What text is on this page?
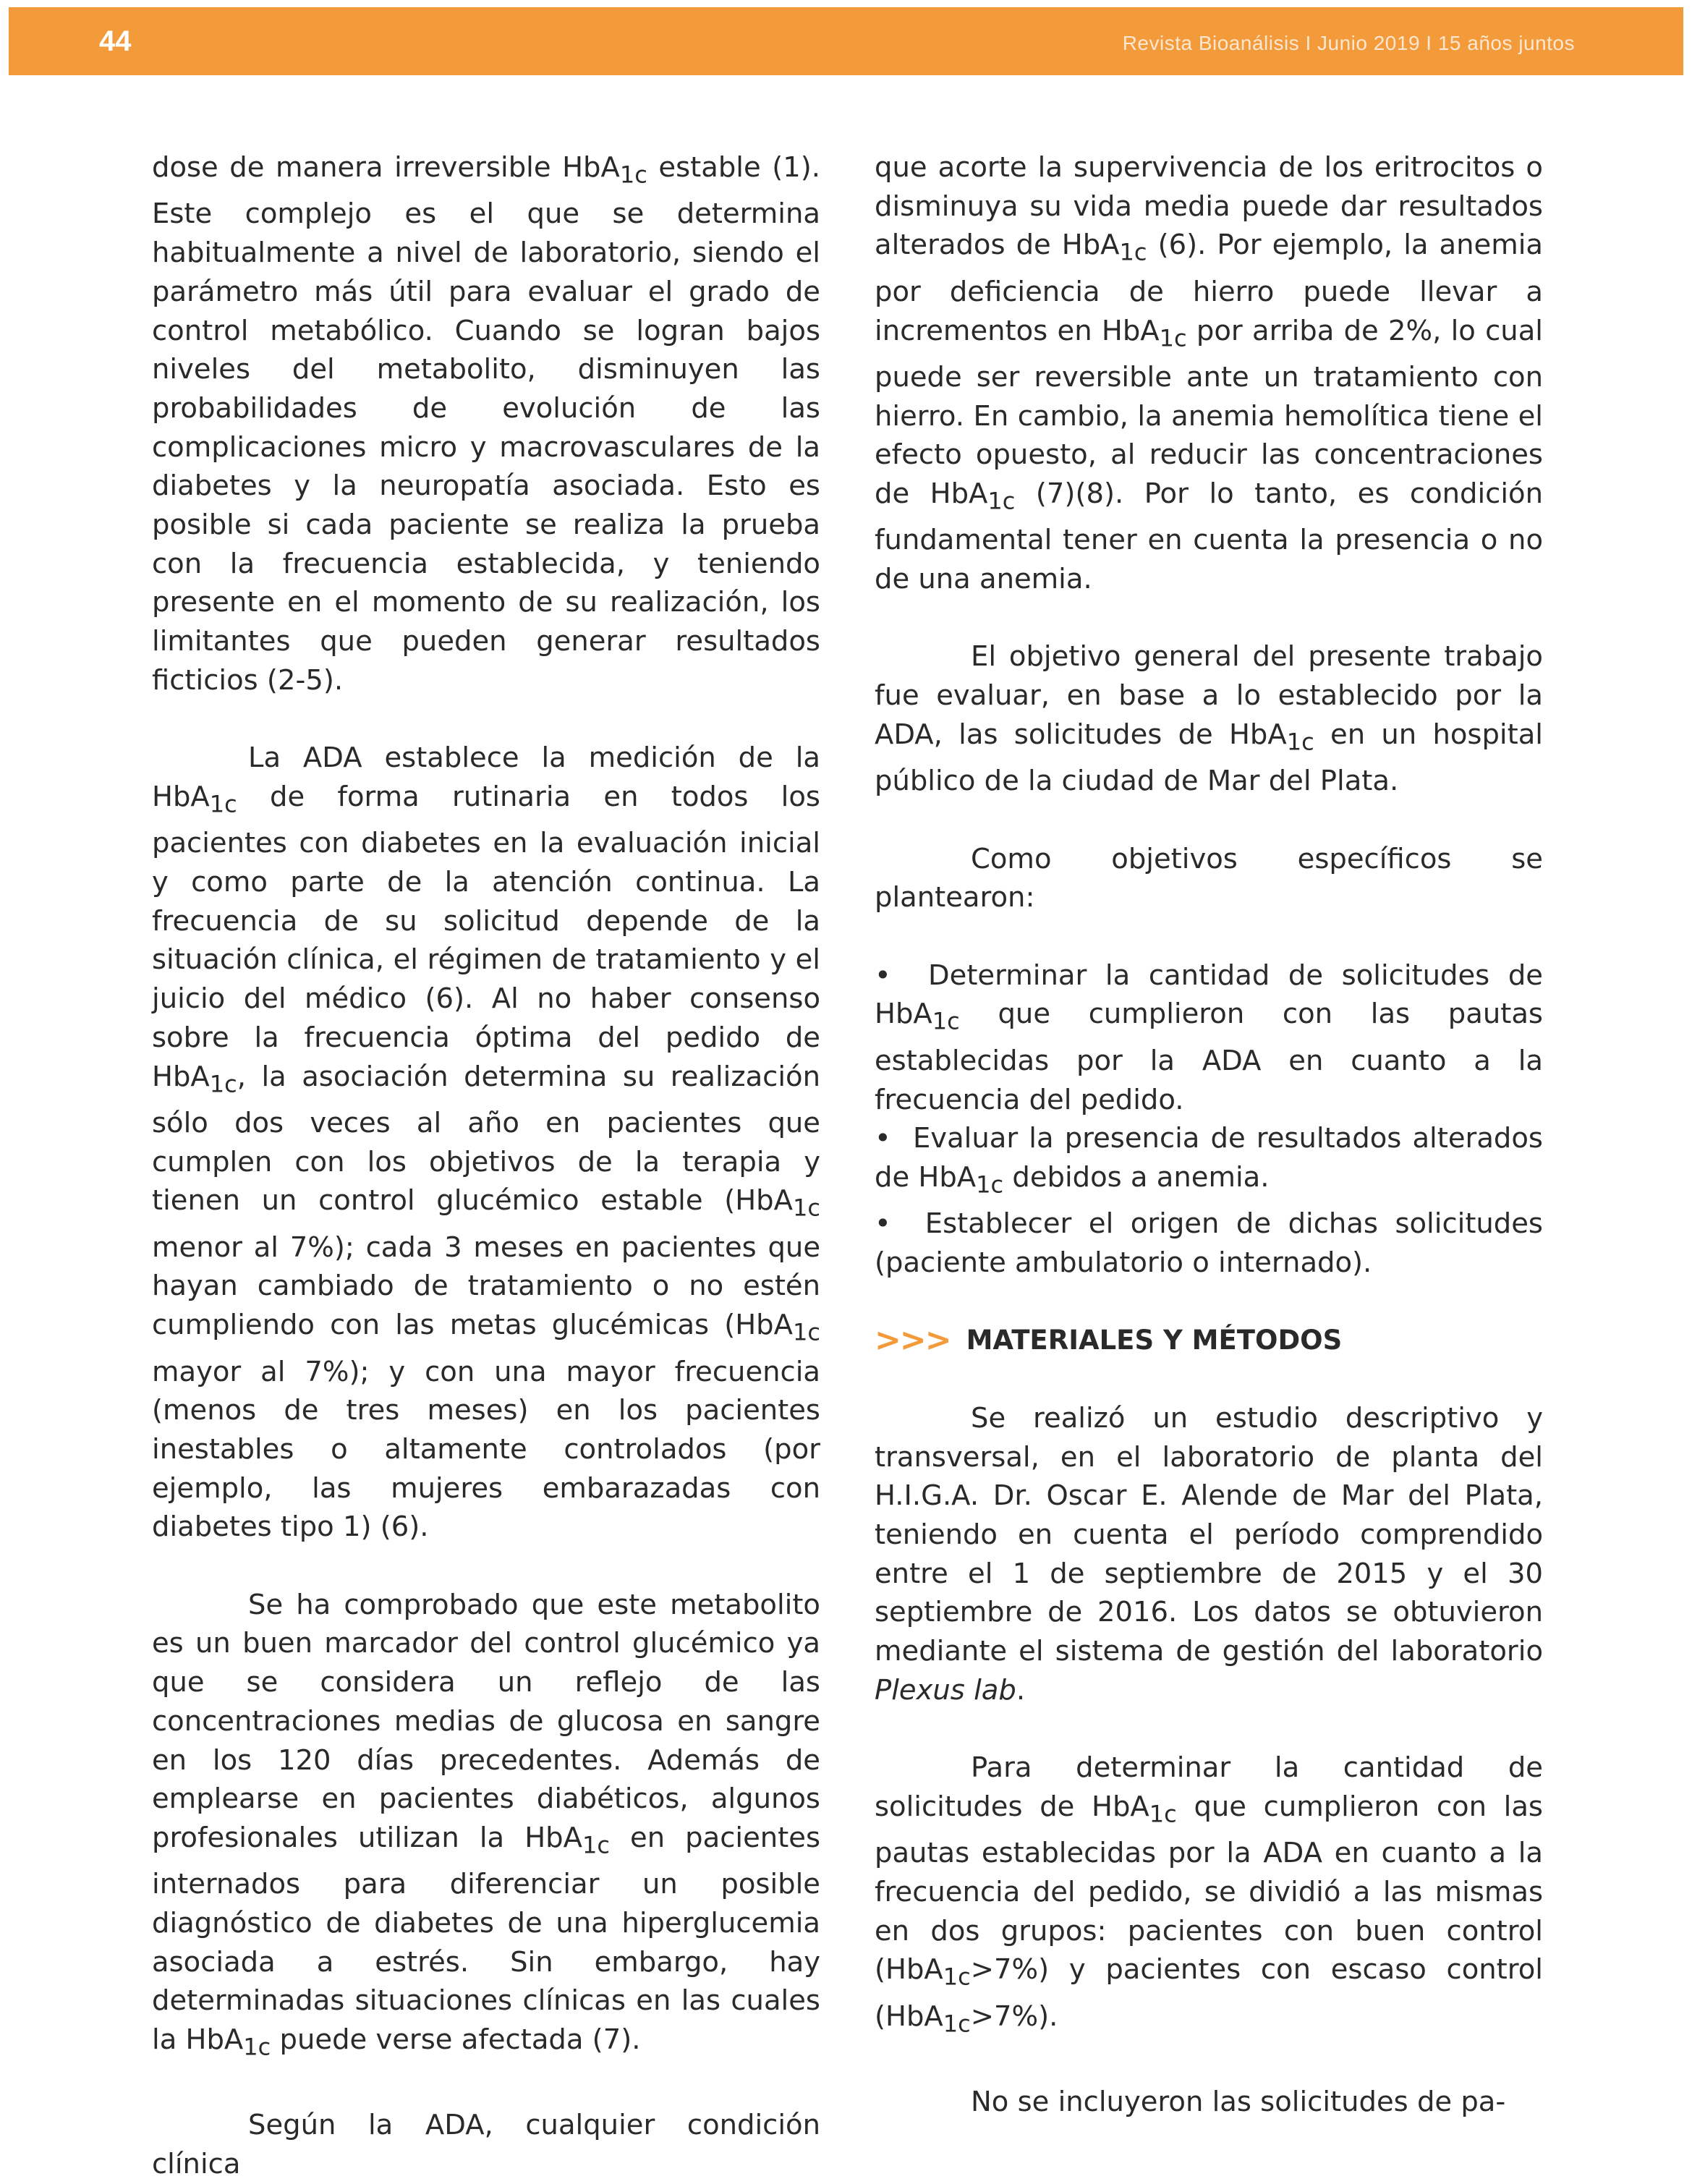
44	Revista Bioanálisis I Junio 2019 I 15 años juntos

dose de manera irreversible HbA$_{1c}$ estable (1). Este complejo es el que se determina habitualmente a nivel de laboratorio, siendo el parámetro más útil para evaluar el grado de control metabólico. Cuando se logran bajos niveles del metabolito, disminuyen las probabilidades de evolución de las complicaciones micro y macrovasculares de la diabetes y la neuropatía asociada. Esto es posible si cada paciente se realiza la prueba con la frecuencia establecida, y teniendo presente en el momento de su realización, los limitantes que pueden generar resultados ficticios (2-5).

La ADA establece la medición de la HbA$_{1c}$ de forma rutinaria en todos los pacientes con diabetes en la evaluación inicial y como parte de la atención continua. La frecuencia de su solicitud depende de la situación clínica, el régimen de tratamiento y el juicio del médico (6). Al no haber consenso sobre la frecuencia óptima del pedido de HbA$_{1c}$, la asociación determina su realización sólo dos veces al año en pacientes que cumplen con los objetivos de la terapia y tienen un control glucémico estable (HbA$_{1c}$ menor al 7%); cada 3 meses en pacientes que hayan cambiado de tratamiento o no estén cumpliendo con las metas glucémicas (HbA$_{1c}$ mayor al 7%); y con una mayor frecuencia (menos de tres meses) en los pacientes inestables o altamente controlados (por ejemplo, las mujeres embarazadas con diabetes tipo 1) (6).

Se ha comprobado que este metabolito es un buen marcador del control glucémico ya que se considera un reflejo de las concentraciones medias de glucosa en sangre en los 120 días precedentes. Además de emplearse en pacientes diabéticos, algunos profesionales utilizan la HbA$_{1c}$ en pacientes internados para diferenciar un posible diagnóstico de diabetes de una hiperglucemia asociada a estrés. Sin embargo, hay determinadas situaciones clínicas en las cuales la HbA$_{1c}$ puede verse afectada (7).

Según la ADA, cualquier condición clínica

que acorte la supervivencia de los eritrocitos o disminuya su vida media puede dar resultados alterados de HbA$_{1c}$ (6). Por ejemplo, la anemia por deficiencia de hierro puede llevar a incrementos en HbA$_{1c}$ por arriba de 2%, lo cual puede ser reversible ante un tratamiento con hierro. En cambio, la anemia hemolítica tiene el efecto opuesto, al reducir las concentraciones de HbA$_{1c}$ (7)(8). Por lo tanto, es condición fundamental tener en cuenta la presencia o no de una anemia.

El objetivo general del presente trabajo fue evaluar, en base a lo establecido por la ADA, las solicitudes de HbA$_{1c}$ en un hospital público de la ciudad de Mar del Plata.

Como objetivos específicos se plantearon:

• Determinar la cantidad de solicitudes de HbA$_{1c}$ que cumplieron con las pautas establecidas por la ADA en cuanto a la frecuencia del pedido.

• Evaluar la presencia de resultados alterados de HbA$_{1c}$ debidos a anemia.

• Establecer el origen de dichas solicitudes (paciente ambulatorio o internado).

>>> MATERIALES Y MÉTODOS

Se realizó un estudio descriptivo y transversal, en el laboratorio de planta del H.I.G.A. Dr. Oscar E. Alende de Mar del Plata, teniendo en cuenta el período comprendido entre el 1 de septiembre de 2015 y el 30 septiembre de 2016. Los datos se obtuvieron mediante el sistema de gestión del laboratorio Plexus lab.

Para determinar la cantidad de solicitudes de HbA$_{1c}$ que cumplieron con las pautas establecidas por la ADA en cuanto a la frecuencia del pedido, se dividió a las mismas en dos grupos: pacientes con buen control (HbA$_{1c}$>7%) y pacientes con escaso control (HbA$_{1c}$>7%).

No se incluyeron las solicitudes de pa-
